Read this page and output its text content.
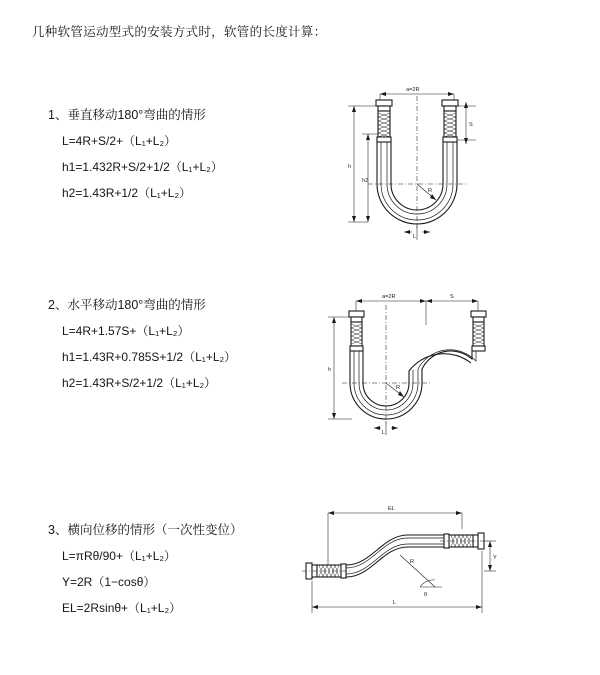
几种软管运动型式的安装方式时，软管的长度计算：
1、垂直移动180°弯曲的情形
L=4R+S/2+（L₁+L₂）
h1=1.432R+S/2+1/2（L₁+L₂）
h2=1.43R+1/2（L₁+L₂）
a=2R
S
h
h2
R
L
2、水平移动180°弯曲的情形
L=4R+1.57S+（L₁+L₂）
h1=1.43R+0.785S+1/2（L₁+L₂）
h2=1.43R+S/2+1/2（L₁+L₂）
a=2R	S
h
R
L
3、横向位移的情形（一次性变位）
L=πRθ/90+（L₁+L₂）
Y=2R（1−cosθ）
EL=2Rsinθ+（L₁+L₂）
EL
R
θ
Y
L
